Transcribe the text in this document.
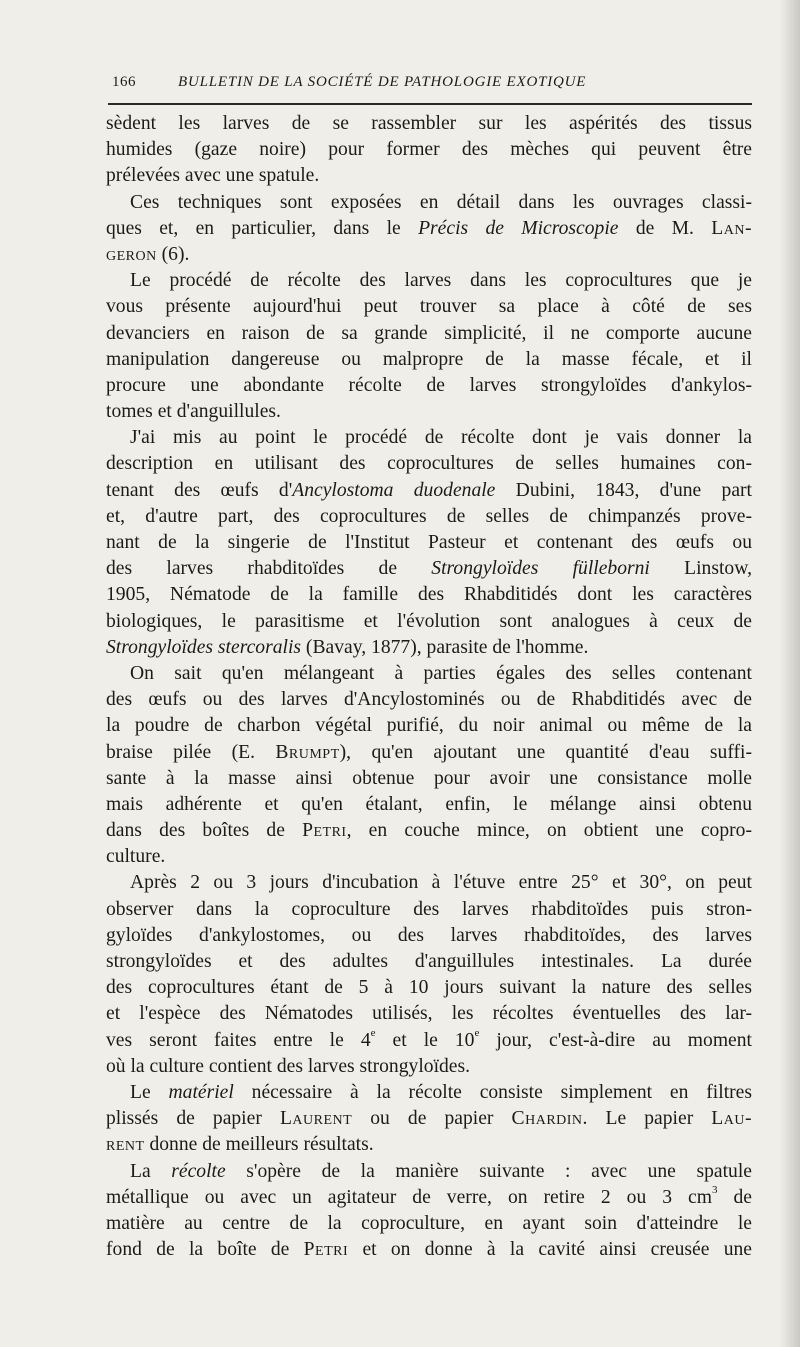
166	BULLETIN DE LA SOCIÉTÉ DE PATHOLOGIE EXOTIQUE
sèdent les larves de se rassembler sur les aspérités des tissus
humides (gaze noire) pour former des mèches qui peuvent être
prélevées avec une spatule.
Ces techniques sont exposées en détail dans les ouvrages classi-
ques et, en particulier, dans le Précis de Microscopie de M. Lan-
geron (6).
Le procédé de récolte des larves dans les coprocultures que je
vous présente aujourd'hui peut trouver sa place à côté de ses
devanciers en raison de sa grande simplicité, il ne comporte aucune
manipulation dangereuse ou malpropre de la masse fécale, et il
procure une abondante récolte de larves strongyloïdes d'ankylos-
tomes et d'anguillules.
J'ai mis au point le procédé de récolte dont je vais donner la
description en utilisant des coprocultures de selles humaines con-
tenant des œufs d'Ancylostoma duodenale Dubini, 1843, d'une part
et, d'autre part, des coprocultures de selles de chimpanzés prove-
nant de la singerie de l'Institut Pasteur et contenant des œufs ou
des larves rhabditoïdes de Strongyloïdes fülleborni Linstow,
1905, Nématode de la famille des Rhabditidés dont les caractères
biologiques, le parasitisme et l'évolution sont analogues à ceux de
Strongyloïdes stercoralis (Bavay, 1877), parasite de l'homme.
On sait qu'en mélangeant à parties égales des selles contenant
des œufs ou des larves d'Ancylostominés ou de Rhabditidés avec de
la poudre de charbon végétal purifié, du noir animal ou même de la
braise pilée (E. Brumpt), qu'en ajoutant une quantité d'eau suffi-
sante à la masse ainsi obtenue pour avoir une consistance molle
mais adhérente et qu'en étalant, enfin, le mélange ainsi obtenu
dans des boîtes de Petri, en couche mince, on obtient une copro-
culture.
Après 2 ou 3 jours d'incubation à l'étuve entre 25° et 30°, on peut
observer dans la coproculture des larves rhabditoïdes puis stron-
gyloïdes d'ankylostomes, ou des larves rhabditoïdes, des larves
strongyloïdes et des adultes d'anguillules intestinales. La durée
des coprocultures étant de 5 à 10 jours suivant la nature des selles
et l'espèce des Nématodes utilisés, les récoltes éventuelles des lar-
ves seront faites entre le 4e et le 10e jour, c'est-à-dire au moment
où la culture contient des larves strongyloïdes.
Le matériel nécessaire à la récolte consiste simplement en filtres
plissés de papier Laurent ou de papier Chardin. Le papier Lau-
rent donne de meilleurs résultats.
La récolte s'opère de la manière suivante : avec une spatule
métallique ou avec un agitateur de verre, on retire 2 ou 3 $cm^3$ de
matière au centre de la coproculture, en ayant soin d'atteindre le
fond de la boîte de Petri et on donne à la cavité ainsi creusée une
